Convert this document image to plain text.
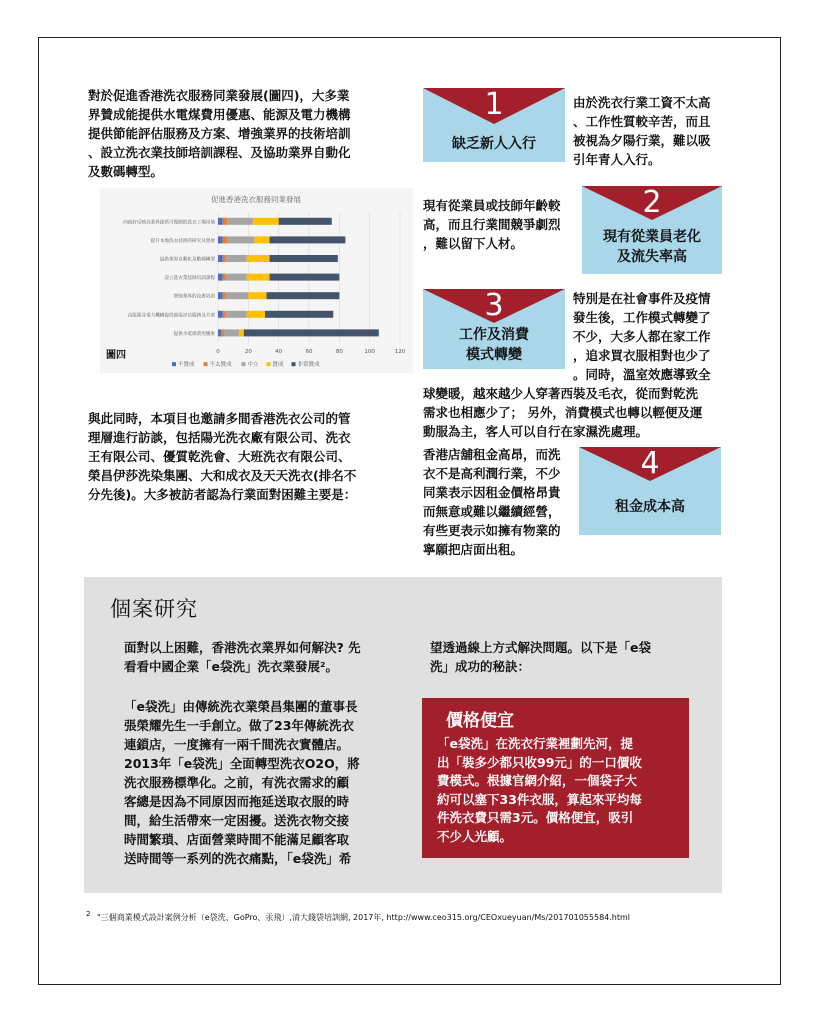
對於促進香港洗衣服務同業發展(圖四)，大多業
界贊成能提供水電煤費用優惠、能源及電力機構
提供節能評估服務及方案、增強業界的技術培訓
、設立洗衣業技師培訓課程、及協助業界自動化
及數碼轉型。
促進香港洗衣服務同業發展
0	20	40	60	80	100	120
向政府反映為業界提供可復制的洗衣工場用地
提升本地洗衣技術的研究及發展
協助業界自動化及數碼轉型
設立洗衣業技師培訓課程
增強業界的技術培訓
由能源及電力機構提供節能評估服務及方案
提供水電煤費用優惠
不贊成	不太贊成	中立	贊成	非常贊成
圖四
與此同時，本項目也邀請多間香港洗衣公司的管
理層進行訪談，包括陽光洗衣廠有限公司、洗衣
王有限公司、優質乾洗會、大班洗衣有限公司、
榮昌伊莎洗染集團、大和成衣及天天洗衣(排名不
分先後)。大多被訪者認為行業面對困難主要是：
1
缺乏新人入行
由於洗衣行業工資不太高
、工作性質較辛苦，而且
被視為夕陽行業，難以吸
引年青人入行。
現有從業員或技師年齡較
高，而且行業間競爭劇烈
，難以留下人材。
2
現有從業員老化
及流失率高
3
工作及消費
模式轉變
特別是在社會事件及疫情
發生後，工作模式轉變了
不少，大多人都在家工作
，追求買衣服相對也少了
。同時，溫室效應導致全
球變暖，越來越少人穿著西裝及毛衣，從而對乾洗
需求也相應少了； 另外，消費模式也轉以輕便及運
動服為主，客人可以自行在家濕洗處理。
香港店舖租金高昂，而洗
衣不是高利潤行業，不少
同業表示因租金價格昂貴
而無意或難以繼續經營，
有些更表示如擁有物業的
寧願把店面出租。
4
租金成本高
個案研究
面對以上困難，香港洗衣業界如何解決? 先
看看中國企業「e袋洗」洗衣業發展²。
「e袋洗」由傳統洗衣業榮昌集團的董事長
張榮耀先生一手創立。做了23年傳統洗衣
連鎖店，一度擁有一兩千間洗衣實體店。
2013年「e袋洗」全面轉型洗衣O2O，將
洗衣服務標準化。之前，有洗衣需求的顧
客總是因為不同原因而拖延送取衣服的時
間，給生活帶來一定困擾。送洗衣物交接
時間繁瑣、店面營業時間不能滿足顧客取
送時間等一系列的洗衣痛點，「e袋洗」希
望透過線上方式解決問題。以下是「e袋
洗」成功的秘訣：
價格便宜
「e袋洗」在洗衣行業裡劃先河，提
出「裝多少都只收99元」的一口價收
費模式。根據官網介紹，一個袋子大
約可以塞下33件衣服，算起來平均每
件洗衣費只需3元。價格便宜，吸引
不少人光顧。
$^2$ "三個商業模式設計案例分析（e袋洗、GoPro、汞飛）,清大錢袋培訓網, 2017年, http://www.ceo315.org/CEOxueyuan/Ms/201701055584.html
